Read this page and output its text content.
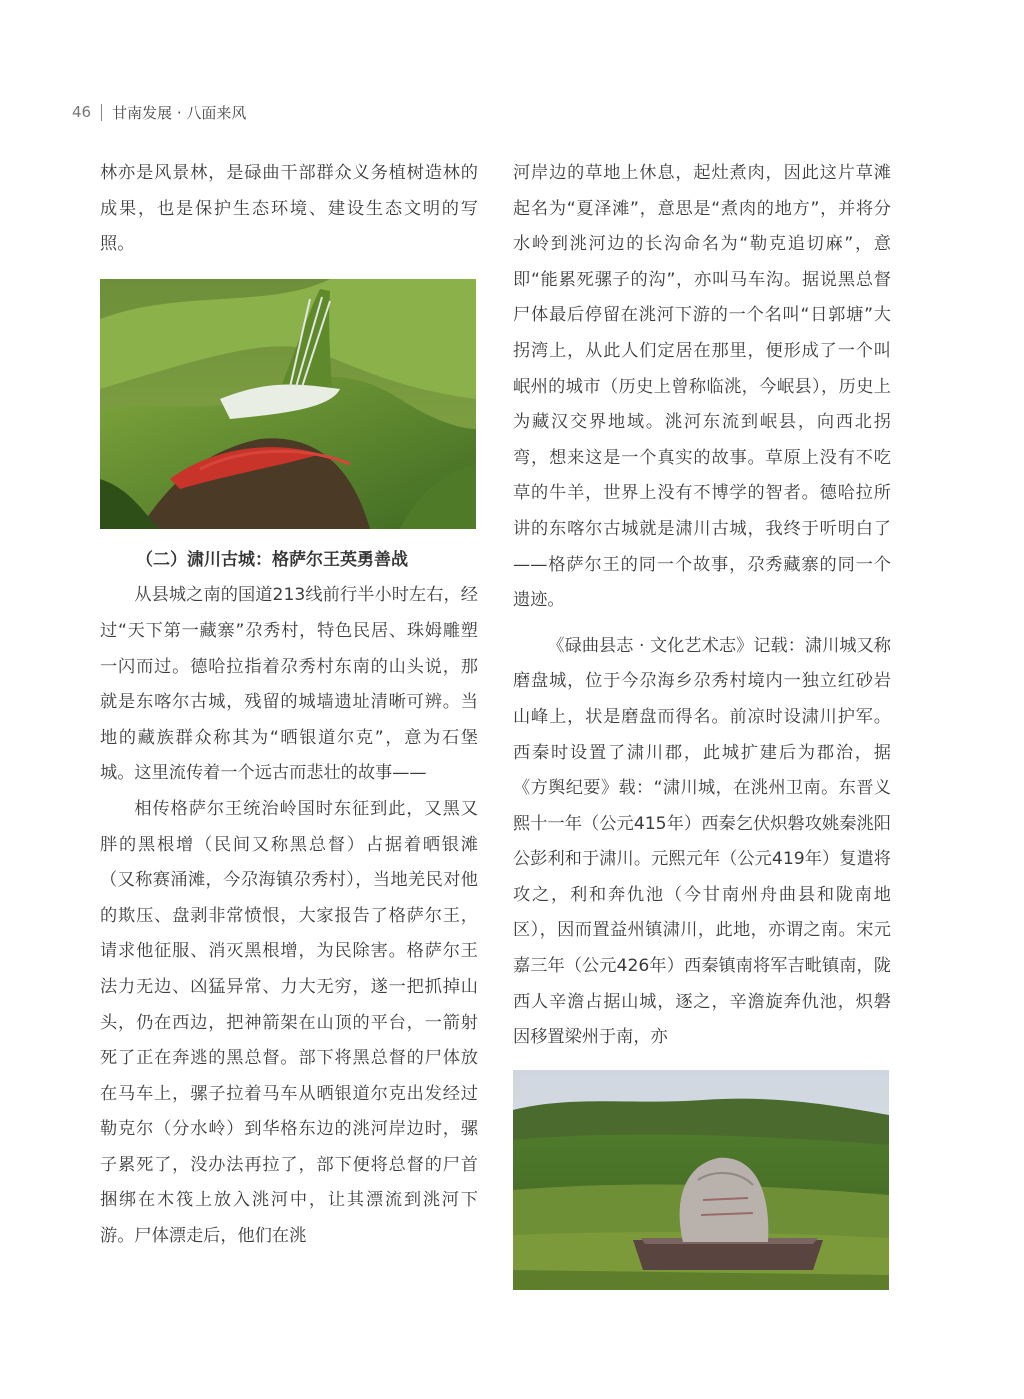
46 甘南发展 · 八面来风

林亦是风景林，是碌曲干部群众义务植树造林的成果，也是保护生态环境、建设生态文明的写照。

（二）㴋川古城：格萨尔王英勇善战

从县城之南的国道213线前行半小时左右，经过“天下第一藏寨”尕秀村，特色民居、珠姆雕塑一闪而过。德哈拉指着尕秀村东南的山头说，那就是东喀尔古城，残留的城墙遗址清晰可辨。当地的藏族群众称其为“晒银道尔克”，意为石堡城。这里流传着一个远古而悲壮的故事——

相传格萨尔王统治岭国时东征到此，又黑又胖的黑根增（民间又称黑总督）占据着晒银滩（又称赛涌滩，今尕海镇尕秀村），当地羌民对他的欺压、盘剥非常愤恨，大家报告了格萨尔王，请求他征服、消灭黑根增，为民除害。格萨尔王法力无边、凶猛异常、力大无穷，遂一把抓掉山头，仍在西边，把神箭架在山顶的平台，一箭射死了正在奔逃的黑总督。部下将黑总督的尸体放在马车上，骡子拉着马车从晒银道尔克出发经过勒克尔（分水岭）到华格东边的洮河岸边时，骡子累死了，没办法再拉了，部下便将总督的尸首捆绑在木筏上放入洮河中，让其漂流到洮河下游。尸体漂走后，他们在洮

河岸边的草地上休息，起灶煮肉，因此这片草滩起名为“夏泽滩”，意思是“煮肉的地方”，并将分水岭到洮河边的长沟命名为“勒克追切麻”，意即“能累死骡子的沟”，亦叫马车沟。据说黑总督尸体最后停留在洮河下游的一个名叫“日郭塘”大拐湾上，从此人们定居在那里，便形成了一个叫岷州的城市（历史上曾称临洮，今岷县），历史上为藏汉交界地域。洮河东流到岷县，向西北拐弯，想来这是一个真实的故事。草原上没有不吃草的牛羊，世界上没有不博学的智者。德哈拉所讲的东喀尔古城就是㴋川古城，我终于听明白了——格萨尔王的同一个故事，尕秀藏寨的同一个遗迹。

《碌曲县志 · 文化艺术志》记载：㴋川城又称磨盘城，位于今尕海乡尕秀村境内一独立红砂岩山峰上，状是磨盘而得名。前凉时设㴋川护军。西秦时设置了㴋川郡，此城扩建后为郡治，据《方舆纪要》载：“㴋川城，在洮州卫南。东晋义熙十一年（公元415年）西秦乞伏炽磐攻姚秦洮阳公彭利和于㴋川。元熙元年（公元419年）复遣将攻之，利和奔仇池（今甘南州舟曲县和陇南地区），因而置益州镇㴋川，此地，亦谓之南。宋元嘉三年（公元426年）西秦镇南将军吉毗镇南，陇西人辛澹占据山城，逐之，辛澹旋奔仇池，炽磐因移置梁州于南，亦
